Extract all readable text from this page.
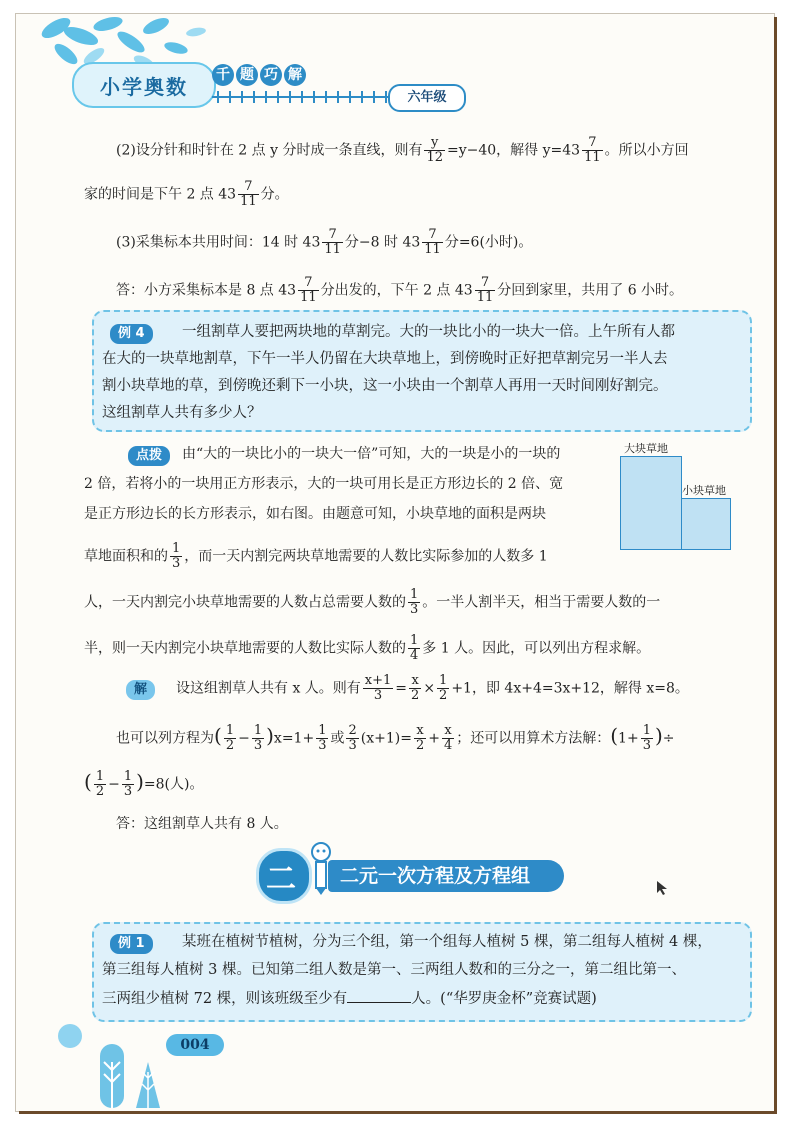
小学奥数 千 题 巧 解
六年级
(2)设分针和时针在 2 点 y 分时成一条直线，则有 $\frac{y}{12} =y-40$，解得 $y=43 \frac{7}{11}$ 。所以小方回
家的时间是下午 2 点 $43 \frac{7}{11}$ 分。
(3)采集标本共用时间：14 时 $43 \frac{7}{11}$ 分−8 时 $43 \frac{7}{11}$ 分=6(小时)。
答：小方采集标本是 8 点 $43 \frac{7}{11}$ 分出发的，下午 2 点 $43 \frac{7}{11}$ 分回到家里，共用了 6 小时。
例 4	一组割草人要把两块地的草割完。大的一块比小的一块大一倍。上午所有人都
在大的一块草地割草，下午一半人仍留在大块草地上，到傍晚时正好把草割完另一半人去
割小块草地的草，到傍晚还剩下一小块，这一小块由一个割草人再用一天时间刚好割完。
这组割草人共有多少人？
点拨	由“大的一块比小的一块大一倍”可知，大的一块是小的一块的
2 倍，若将小的一块用正方形表示，大的一块可用长是正方形边长的 2 倍、宽
是正方形边长的长方形表示，如右图。由题意可知，小块草地的面积是两块
草地面积和的 $\frac{1}{3}$ ，而一天内割完两块草地需要的人数比实际参加的人数多 1
人，一天内割完小块草地需要的人数占总需要人数的 $\frac{1}{3}$ 。一半人割半天，相当于需要人数的一
半，则一天内割完小块草地需要的人数比实际人数的 $\frac{1}{4}$ 多 1 人。因此，可以列出方程求解。
大块草地
小块草地
解	设这组割草人共有 x 人。则有 $\frac{x+1}{3} = \frac{x}{2} \times \frac{1}{2} +1$，即 4x+4=3x+12，解得 x=8。
也可以列方程为( $\frac{1}{2} - \frac{1}{3} )x=1+ \frac{1}{3}$ 或 $\frac{2}{3} (x+1)= \frac{x}{2} + \frac{x}{4}$ ；还可以用算术方法解：($1+ \frac{1}{3}$ )÷
( $\frac{1}{2} - \frac{1}{3} )=8$(人)。
答：这组割草人共有 8 人。
二元一次方程及方程组
二
例 1	某班在植树节植树，分为三个组，第一个组每人植树 5 棵，第二组每人植树 4 棵，
第三组每人植树 3 棵。已知第二组人数是第一、三两组人数和的三分之一，第二组比第一、
三两组少植树 72 棵，则该班级至少有	人。(“华罗庚金杯”竞赛试题)
004
